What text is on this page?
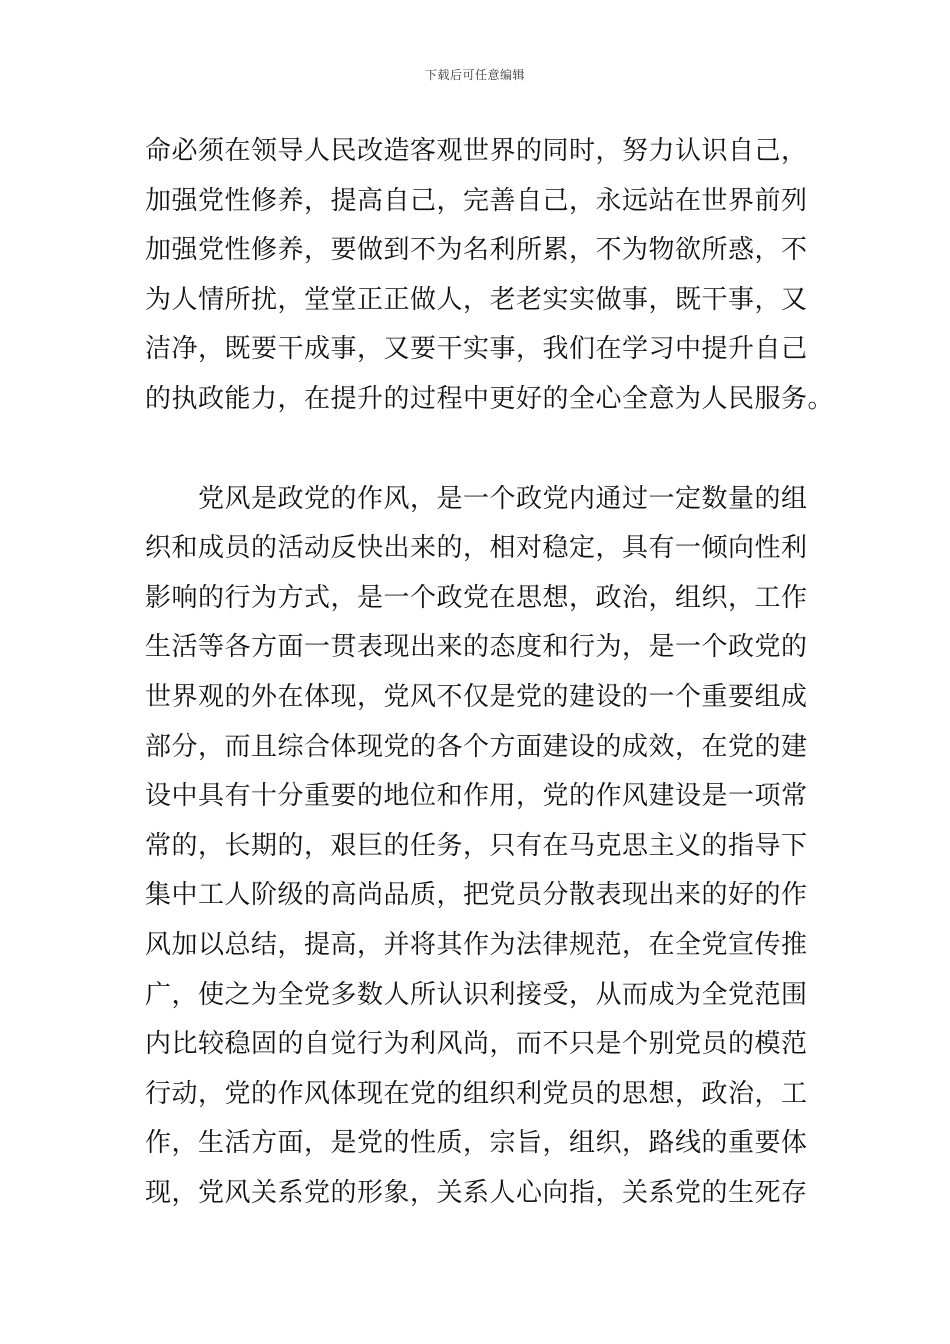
下载后可任意编辑
命必须在领导人民改造客观世界的同时，努力认识自己，
加强党性修养，提高自己，完善自己，永远站在世界前列
加强党性修养，要做到不为名利所累，不为物欲所惑，不
为人情所扰，堂堂正正做人，老老实实做事，既干事，又
洁净，既要干成事，又要干实事，我们在学习中提升自己
的执政能力，在提升的过程中更好的全心全意为人民服务。
　　党风是政党的作风，是一个政党内通过一定数量的组
织和成员的活动反快出来的，相对稳定，具有一倾向性利
影响的行为方式，是一个政党在思想，政治，组织，工作
生活等各方面一贯表现出来的态度和行为，是一个政党的
世界观的外在体现，党风不仅是党的建设的一个重要组成
部分，而且综合体现党的各个方面建设的成效，在党的建
设中具有十分重要的地位和作用，党的作风建设是一项常
常的，长期的，艰巨的任务，只有在马克思主义的指导下
集中工人阶级的高尚品质，把党员分散表现出来的好的作
风加以总结，提高，并将其作为法律规范，在全党宣传推
广，使之为全党多数人所认识利接受，从而成为全党范围
内比较稳固的自觉行为利风尚，而不只是个别党员的模范
行动，党的作风体现在党的组织利党员的思想，政治，工
作，生活方面，是党的性质，宗旨，组织，路线的重要体
现，党风关系党的形象，关系人心向指，关系党的生死存
